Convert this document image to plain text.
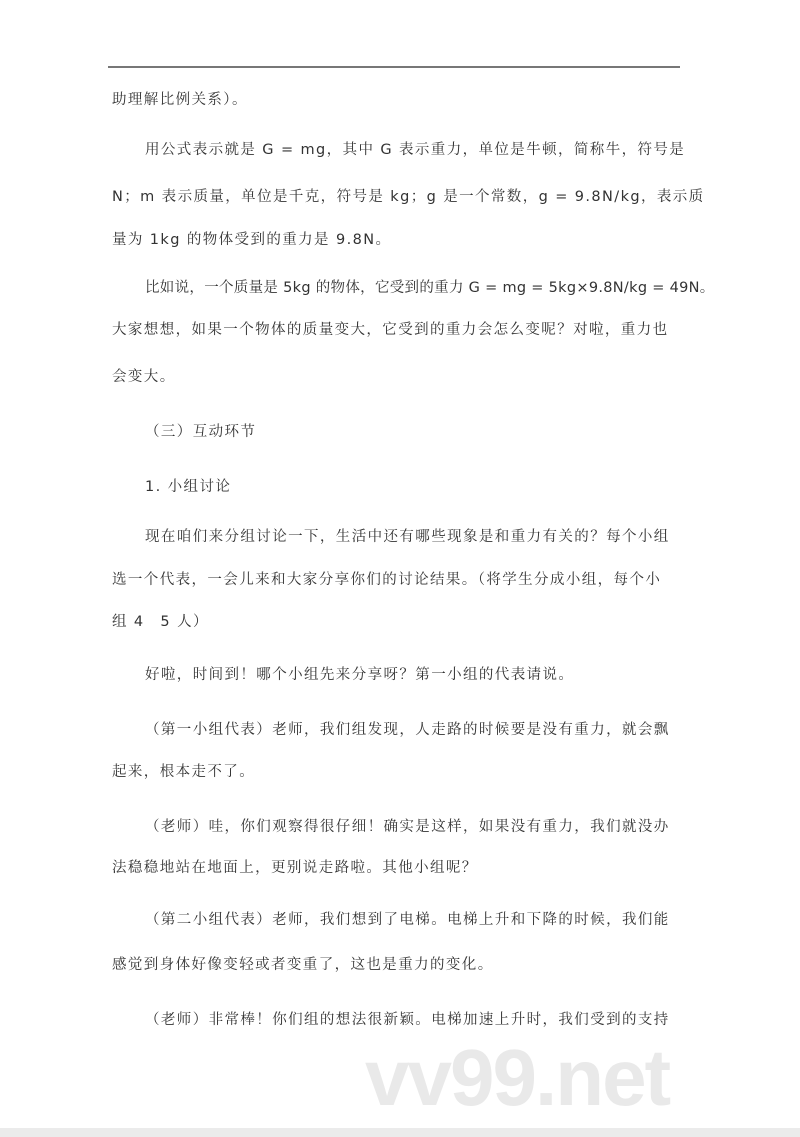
助理解比例关系）。
用公式表示就是 G = mg，其中 G 表示重力，单位是牛顿，简称牛，符号是
N；m 表示质量，单位是千克，符号是 kg；g 是一个常数，g = 9.8N/kg，表示质
量为 1kg 的物体受到的重力是 9.8N。
比如说，一个质量是 5kg 的物体，它受到的重力 G = mg = 5kg×9.8N/kg = 49N。
大家想想，如果一个物体的质量变大，它受到的重力会怎么变呢？对啦，重力也
会变大。
（三）互动环节
1. 小组讨论
现在咱们来分组讨论一下，生活中还有哪些现象是和重力有关的？每个小组
选一个代表，一会儿来和大家分享你们的讨论结果。（将学生分成小组，每个小
组 4　5 人）
好啦，时间到！哪个小组先来分享呀？第一小组的代表请说。
（第一小组代表）老师，我们组发现，人走路的时候要是没有重力，就会飘
起来，根本走不了。
（老师）哇，你们观察得很仔细！确实是这样，如果没有重力，我们就没办
法稳稳地站在地面上，更别说走路啦。其他小组呢？
（第二小组代表）老师，我们想到了电梯。电梯上升和下降的时候，我们能
感觉到身体好像变轻或者变重了，这也是重力的变化。
（老师）非常棒！你们组的想法很新颖。电梯加速上升时，我们受到的支持
vv99.net
